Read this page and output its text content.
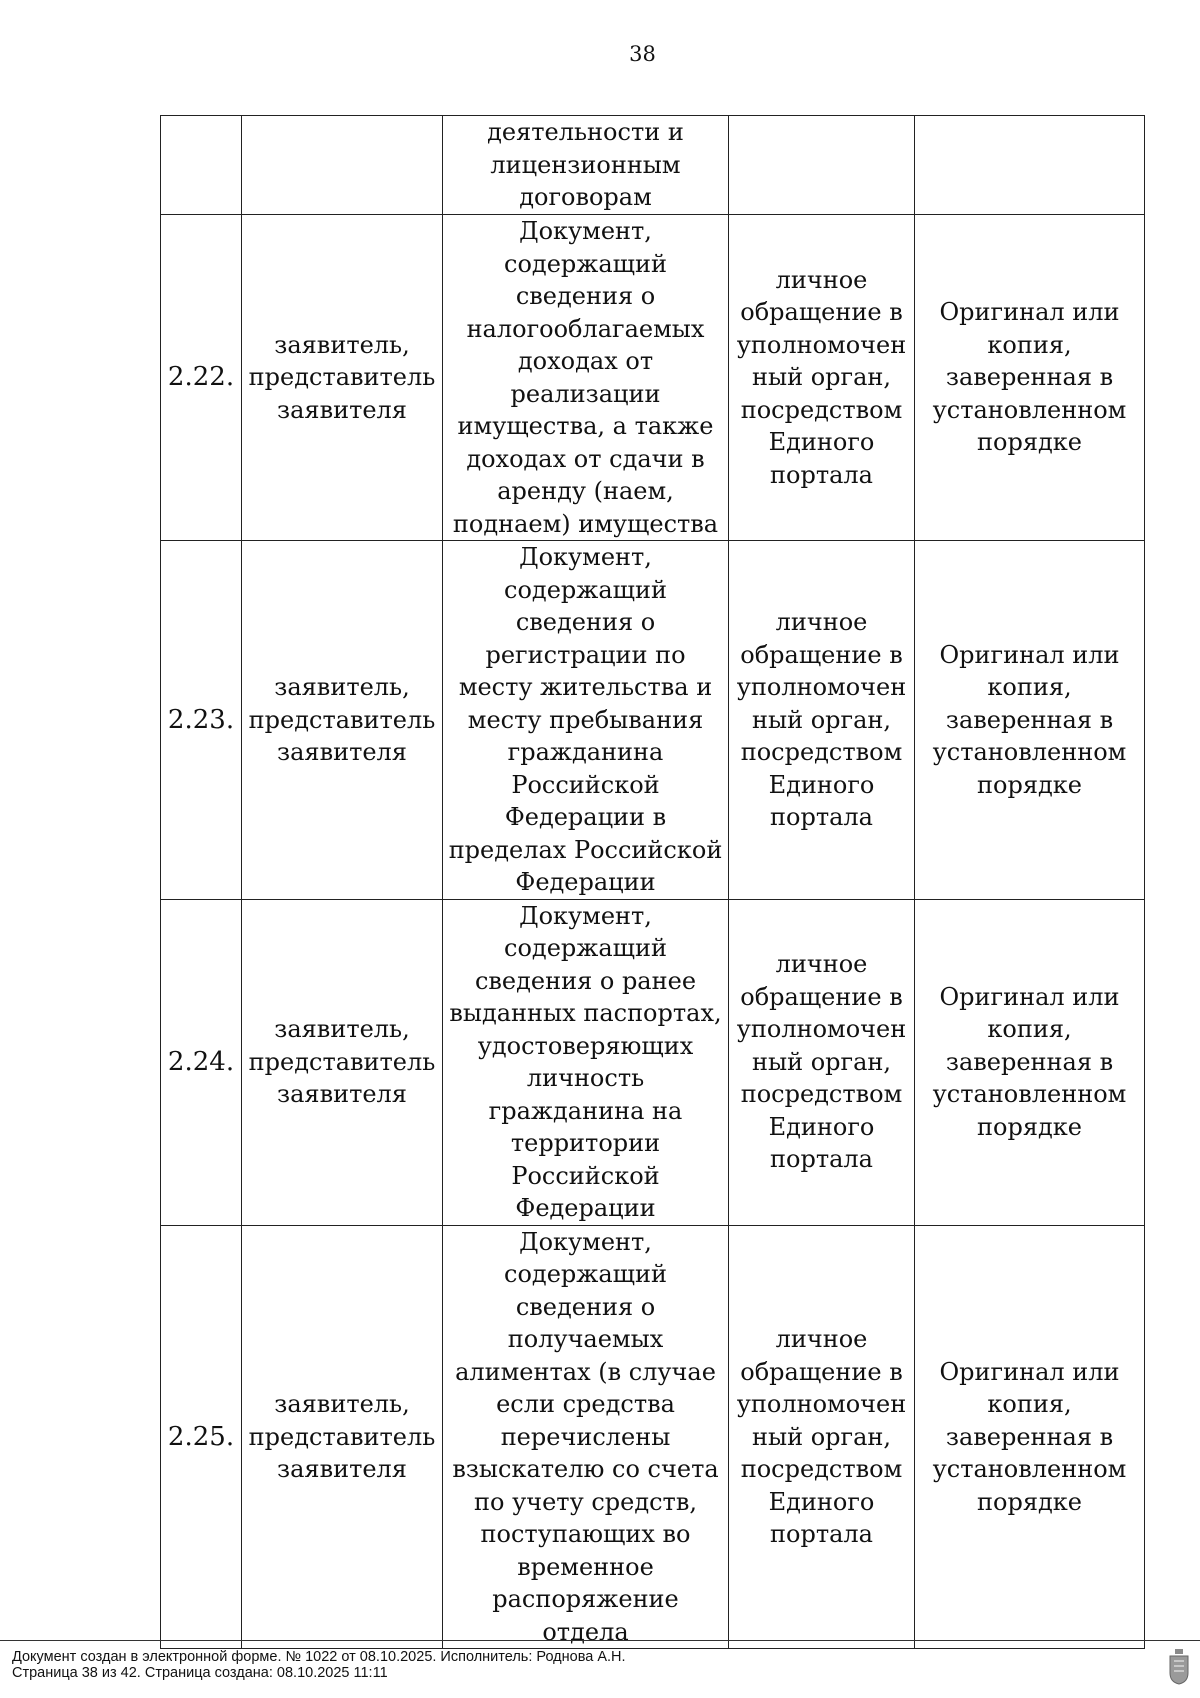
38
		деятельности и лицензионным договорам		
2.22.	заявитель, представитель заявителя	Документ, содержащий сведения о налогооблагаемых доходах от реализации имущества, а также доходах от сдачи в аренду (наем, поднаем) имущества	личное обращение в уполномочен ный орган, посредством Единого портала	Оригинал или копия, заверенная в установленном порядке
2.23.	заявитель, представитель заявителя	Документ, содержащий сведения о регистрации по месту жительства и месту пребывания гражданина Российской Федерации в пределах Российской Федерации	личное обращение в уполномочен ный орган, посредством Единого портала	Оригинал или копия, заверенная в установленном порядке
2.24.	заявитель, представитель заявителя	Документ, содержащий сведения о ранее выданных паспортах, удостоверяющих личность гражданина на территории Российской Федерации	личное обращение в уполномочен ный орган, посредством Единого портала	Оригинал или копия, заверенная в установленном порядке
2.25.	заявитель, представитель заявителя	Документ, содержащий сведения о получаемых алиментах (в случае если средства перечислены взыскателю со счета по учету средств, поступающих во временное распоряжение отдела	личное обращение в уполномочен ный орган, посредством Единого портала	Оригинал или копия, заверенная в установленном порядке
Документ создан в электронной форме. № 1022 от 08.10.2025. Исполнитель: Роднова А.Н.
Страница 38 из 42. Страница создана: 08.10.2025 11:11
